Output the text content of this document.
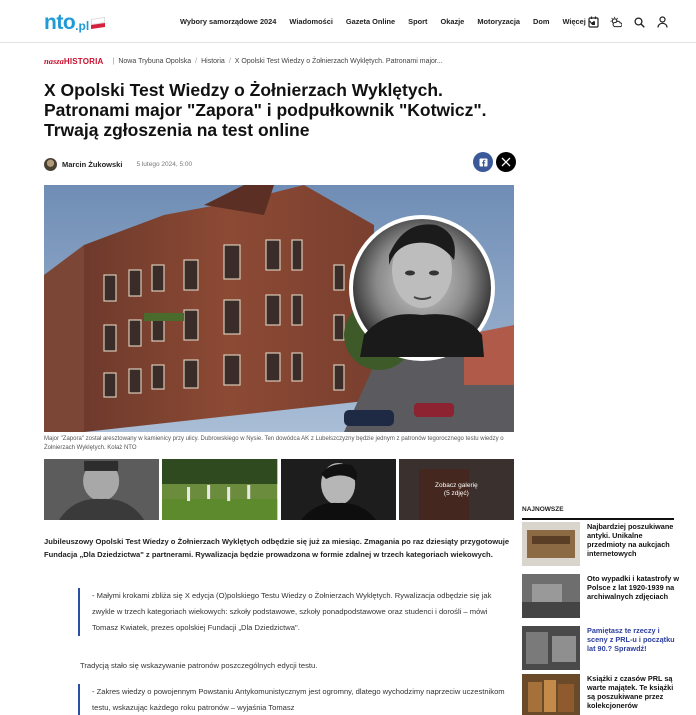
nto .pl	Wybory samorządowe 2024 Wiadomości Gazeta Online Sport Okazje Motoryzacja Dom Więcej
nasza HISTORIA | Nowa Trybuna Opolska / Historia / X Opolski Test Wiedzy o Żołnierzach Wyklętych. Patronami major...
X Opolski Test Wiedzy o Żołnierzach Wyklętych. Patronami major "Zapora" i podpułkownik "Kotwicz". Trwają zgłoszenia na test online
Marcin Żukowski 5 lutego 2024, 5:00

Major "Zapora" został aresztowany w kamienicy przy ulicy. Dubrowskiego w Nysie. Ten dowódca AK z Lubelszczyzny będzie jednym z patronów tegorocznego testu wiedzy o Żołnierzach Wyklętych. Kolaż NTO

Zobacz galerię
(5 zdjęć)

Jubileuszowy Opolski Test Wiedzy o Żołnierzach Wyklętych odbędzie się już za miesiąc. Zmagania po raz dziesiąty przygotowuje Fundacja „Dla Dziedzictwa" z partnerami. Rywalizacja będzie prowadzona w formie zdalnej w trzech kategoriach wiekowych.

- Małymi krokami zbliża się X edycja (O)polskiego Testu Wiedzy o Żołnierzach Wyklętych. Rywalizacja odbędzie się jak zwykle w trzech kategoriach wiekowych: szkoły podstawowe, szkoły ponadpodstawowe oraz studenci i dorośli – mówi Tomasz Kwiatek, prezes opolskiej Fundacji „Dla Dziedzictwa".

Tradycją stało się wskazywanie patronów poszczególnych edycji testu.

- Zakres wiedzy o powojennym Powstaniu Antykomunistycznym jest ogromny, dlatego wychodzimy naprzeciw uczestnikom testu, wskazując każdego roku patronów – wyjaśnia Tomasz

NAJNOWSZE
Najbardziej poszukiwane antyki. Unikalne przedmioty na aukcjach internetowych
Oto wypadki i katastrofy w Polsce z lat 1920-1939 na archiwalnych zdjęciach
Pamiętasz te rzeczy i sceny z PRL-u i początku lat 90.? Sprawdź!
Książki z czasów PRL są warte majątek. Te książki są poszukiwane przez kolekcjonerów
